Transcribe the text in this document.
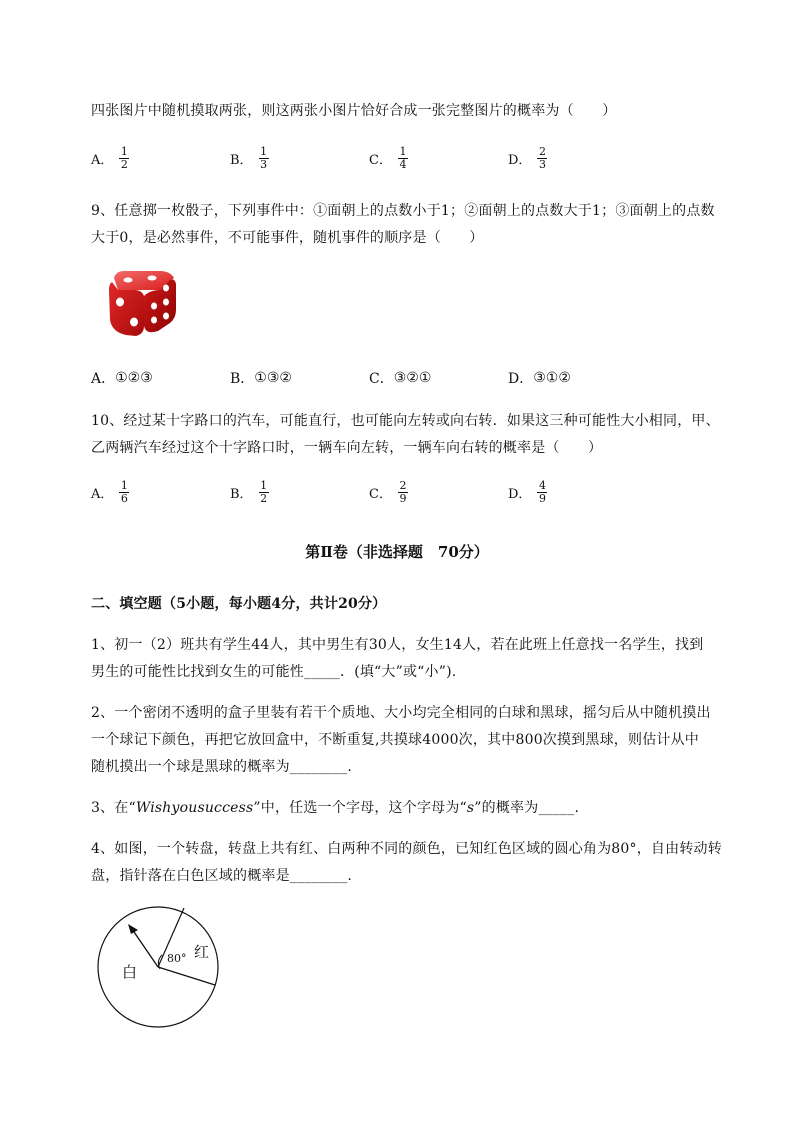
四张图片中随机摸取两张，则这两张小图片恰好合成一张完整图片的概率为（　　）
A． $\frac{1}{2}$	B． $\frac{1}{3}$	C． $\frac{1}{4}$	D． $\frac{2}{3}$
9、任意掷一枚骰子，下列事件中：①面朝上的点数小于1；②面朝上的点数大于1；③面朝上的点数
大于0，是必然事件，不可能事件，随机事件的顺序是（　　）
A． ①②③	B． ①③②	C． ③②①	D． ③①②
10、经过某十字路口的汽车，可能直行，也可能向左转或向右转．如果这三种可能性大小相同，甲、
乙两辆汽车经过这个十字路口时，一辆车向左转，一辆车向右转的概率是（　　）
A． $\frac{1}{6}$	B． $\frac{1}{2}$	C． $\frac{2}{9}$	D． $\frac{4}{9}$
第Ⅱ卷（非选择题　70分）
二、填空题（5小题，每小题4分，共计20分）
1、初一（2）班共有学生44人，其中男生有30人，女生14人，若在此班上任意找一名学生，找到
男生的可能性比找到女生的可能性_____．(填“大”或“小”).
2、一个密闭不透明的盒子里装有若干个质地、大小均完全相同的白球和黑球，摇匀后从中随机摸出
一个球记下颜色，再把它放回盒中，不断重复,共摸球4000次，其中800次摸到黑球，则估计从中
随机摸出一个球是黑球的概率为________.
3、在“Wishyousuccess”中，任选一个字母，这个字母为“s”的概率为_____.
4、如图，一个转盘，转盘上共有红、白两种不同的颜色，已知红色区域的圆心角为80°，自由转动转
盘，指针落在白色区域的概率是________.
80° 红
白
